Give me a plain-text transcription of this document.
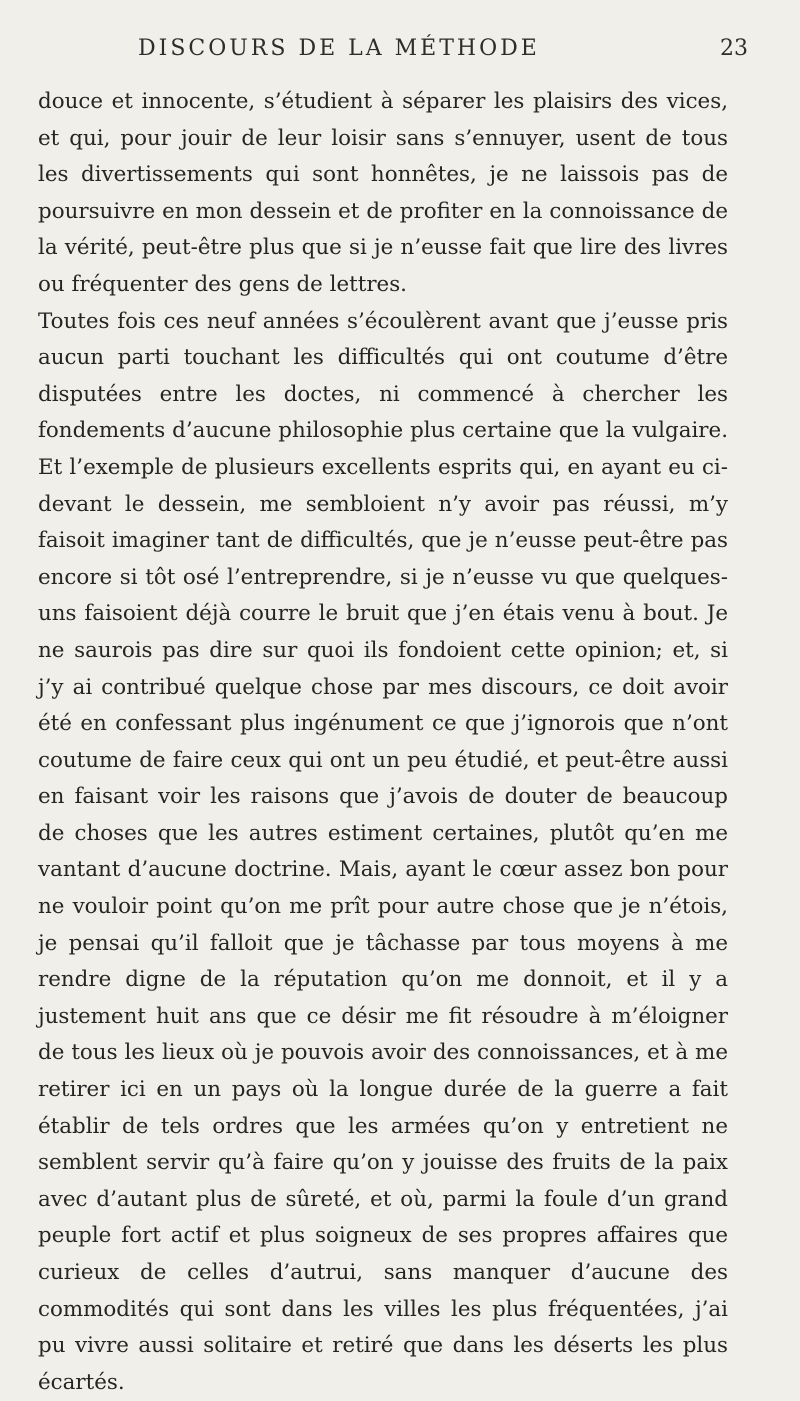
DISCOURS DE LA MÉTHODE	23

douce et innocente, s’étudient à séparer les plaisirs des vices, et qui, pour jouir de leur loisir sans s’ennuyer, usent de tous les divertissements qui sont honnêtes, je ne laissois pas de poursuivre en mon dessein et de profiter en la connoissance de la vérité, peut-être plus que si je n’eusse fait que lire des livres ou fréquenter des gens de lettres.

Toutes fois ces neuf années s’écoulèrent avant que j’eusse pris aucun parti touchant les difficultés qui ont coutume d’être disputées entre les doctes, ni commencé à chercher les fondements d’aucune philosophie plus certaine que la vulgaire. Et l’exemple de plusieurs excellents esprits qui, en ayant eu ci-devant le dessein, me sembloient n’y avoir pas réussi, m’y faisoit imaginer tant de difficultés, que je n’eusse peut-être pas encore si tôt osé l’entreprendre, si je n’eusse vu que quelques-uns faisoient déjà courre le bruit que j’en étais venu à bout. Je ne saurois pas dire sur quoi ils fondoient cette opinion; et, si j’y ai contribué quelque chose par mes discours, ce doit avoir été en confessant plus ingénument ce que j’ignorois que n’ont coutume de faire ceux qui ont un peu étudié, et peut-être aussi en faisant voir les raisons que j’avois de douter de beaucoup de choses que les autres estiment certaines, plutôt qu’en me vantant d’aucune doctrine. Mais, ayant le cœur assez bon pour ne vouloir point qu’on me prît pour autre chose que je n’étois, je pensai qu’il falloit que je tâchasse par tous moyens à me rendre digne de la réputation qu’on me donnoit, et il y a justement huit ans que ce désir me fit résoudre à m’éloigner de tous les lieux où je pouvois avoir des connoissances, et à me retirer ici en un pays où la longue durée de la guerre a fait établir de tels ordres que les armées qu’on y entretient ne semblent servir qu’à faire qu’on y jouisse des fruits de la paix avec d’autant plus de sûreté, et où, parmi la foule d’un grand peuple fort actif et plus soigneux de ses propres affaires que curieux de celles d’autrui, sans manquer d’aucune des commodités qui sont dans les villes les plus fréquentées, j’ai pu vivre aussi solitaire et retiré que dans les déserts les plus écartés.
